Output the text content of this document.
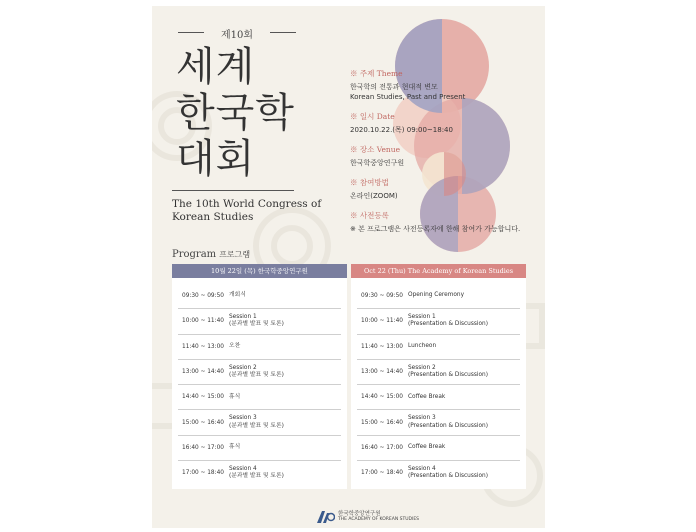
제10회
세계
한국학
대회
The 10th World Congress of
Korean Studies
※ 주제 Theme
한국학의 전통과 현대적 변모
Korean Studies, Past and Present
※ 일시 Date
2020.10.22.(목) 09:00~18:40
※ 장소 Venue
한국학중앙연구원
※ 참여방법
온라인(ZOOM)
※ 사전등록
※ 본 프로그램은 사전등록자에 한해 참여가 가능합니다.
Program 프로그램
10월 22일 (목) 한국학중앙연구원
09:30 ~ 09:50 개회식
10:00 ~ 11:40
Session 1
(분과별 발표 및 토론)
11:40 ~ 13:00 오찬
13:00 ~ 14:40
Session 2
(분과별 발표 및 토론)
14:40 ~ 15:00 휴식
15:00 ~ 16:40
Session 3
(분과별 발표 및 토론)
16:40 ~ 17:00 휴식
17:00 ~ 18:40
Session 4
(분과별 발표 및 토론)
Oct 22 (Thu) The Academy of Korean Studies
09:30 ~ 09:50 Opening Ceremony
10:00 ~ 11:40
Session 1
(Presentation & Discussion)
11:40 ~ 13:00 Luncheon
13:00 ~ 14:40
Session 2
(Presentation & Discussion)
14:40 ~ 15:00 Coffee Break
15:00 ~ 16:40
Session 3
(Presentation & Discussion)
16:40 ~ 17:00 Coffee Break
17:00 ~ 18:40
Session 4
(Presentation & Discussion)
한국학중앙연구원
THE ACADEMY OF KOREAN STUDIES
